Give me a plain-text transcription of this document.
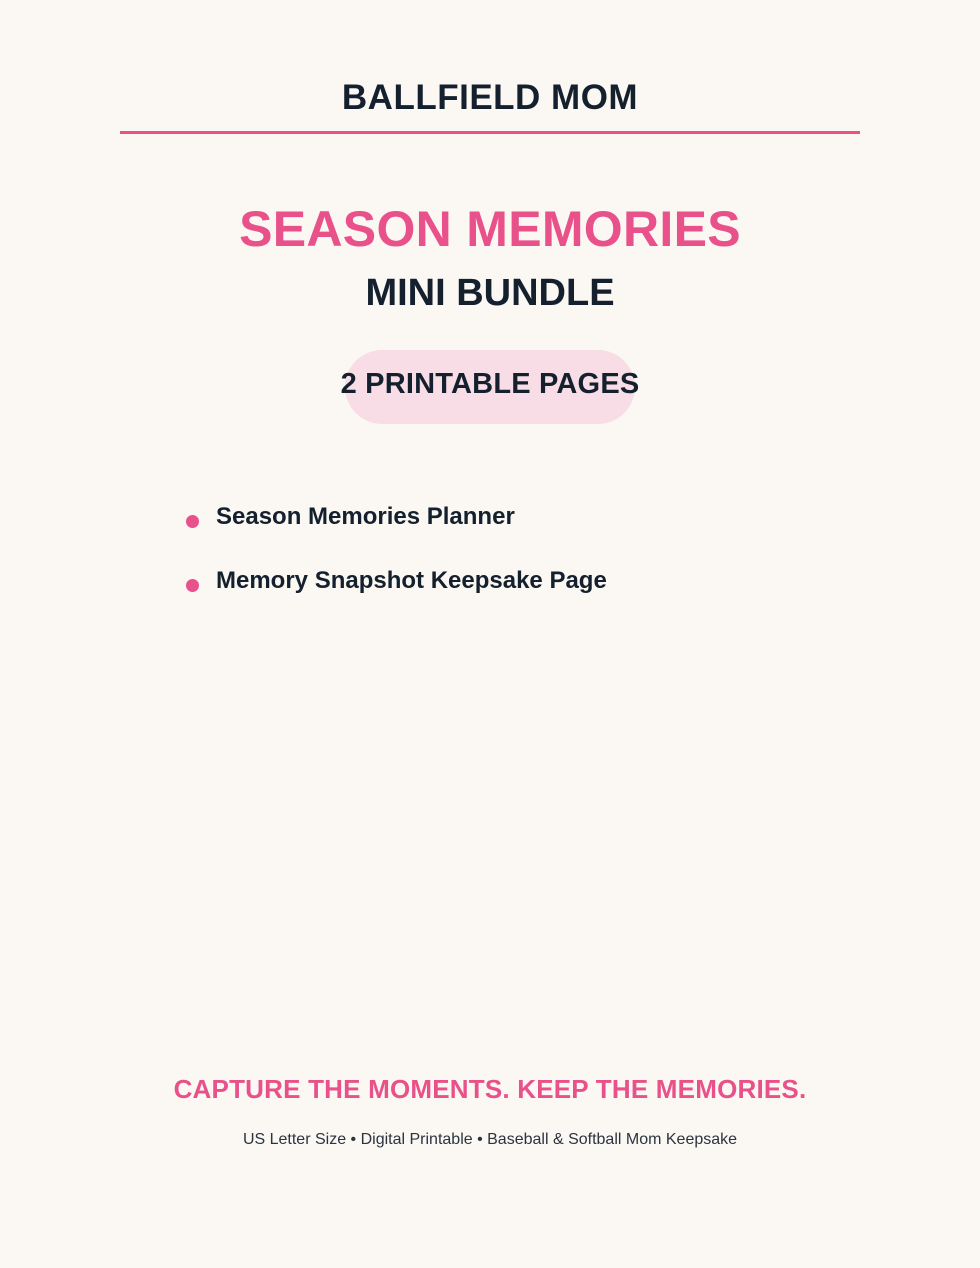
BALLFIELD MOM
SEASON MEMORIES
MINI BUNDLE
2 PRINTABLE PAGES
Season Memories Planner
Memory Snapshot Keepsake Page
CAPTURE THE MOMENTS. KEEP THE MEMORIES.
US Letter Size • Digital Printable • Baseball & Softball Mom Keepsake
